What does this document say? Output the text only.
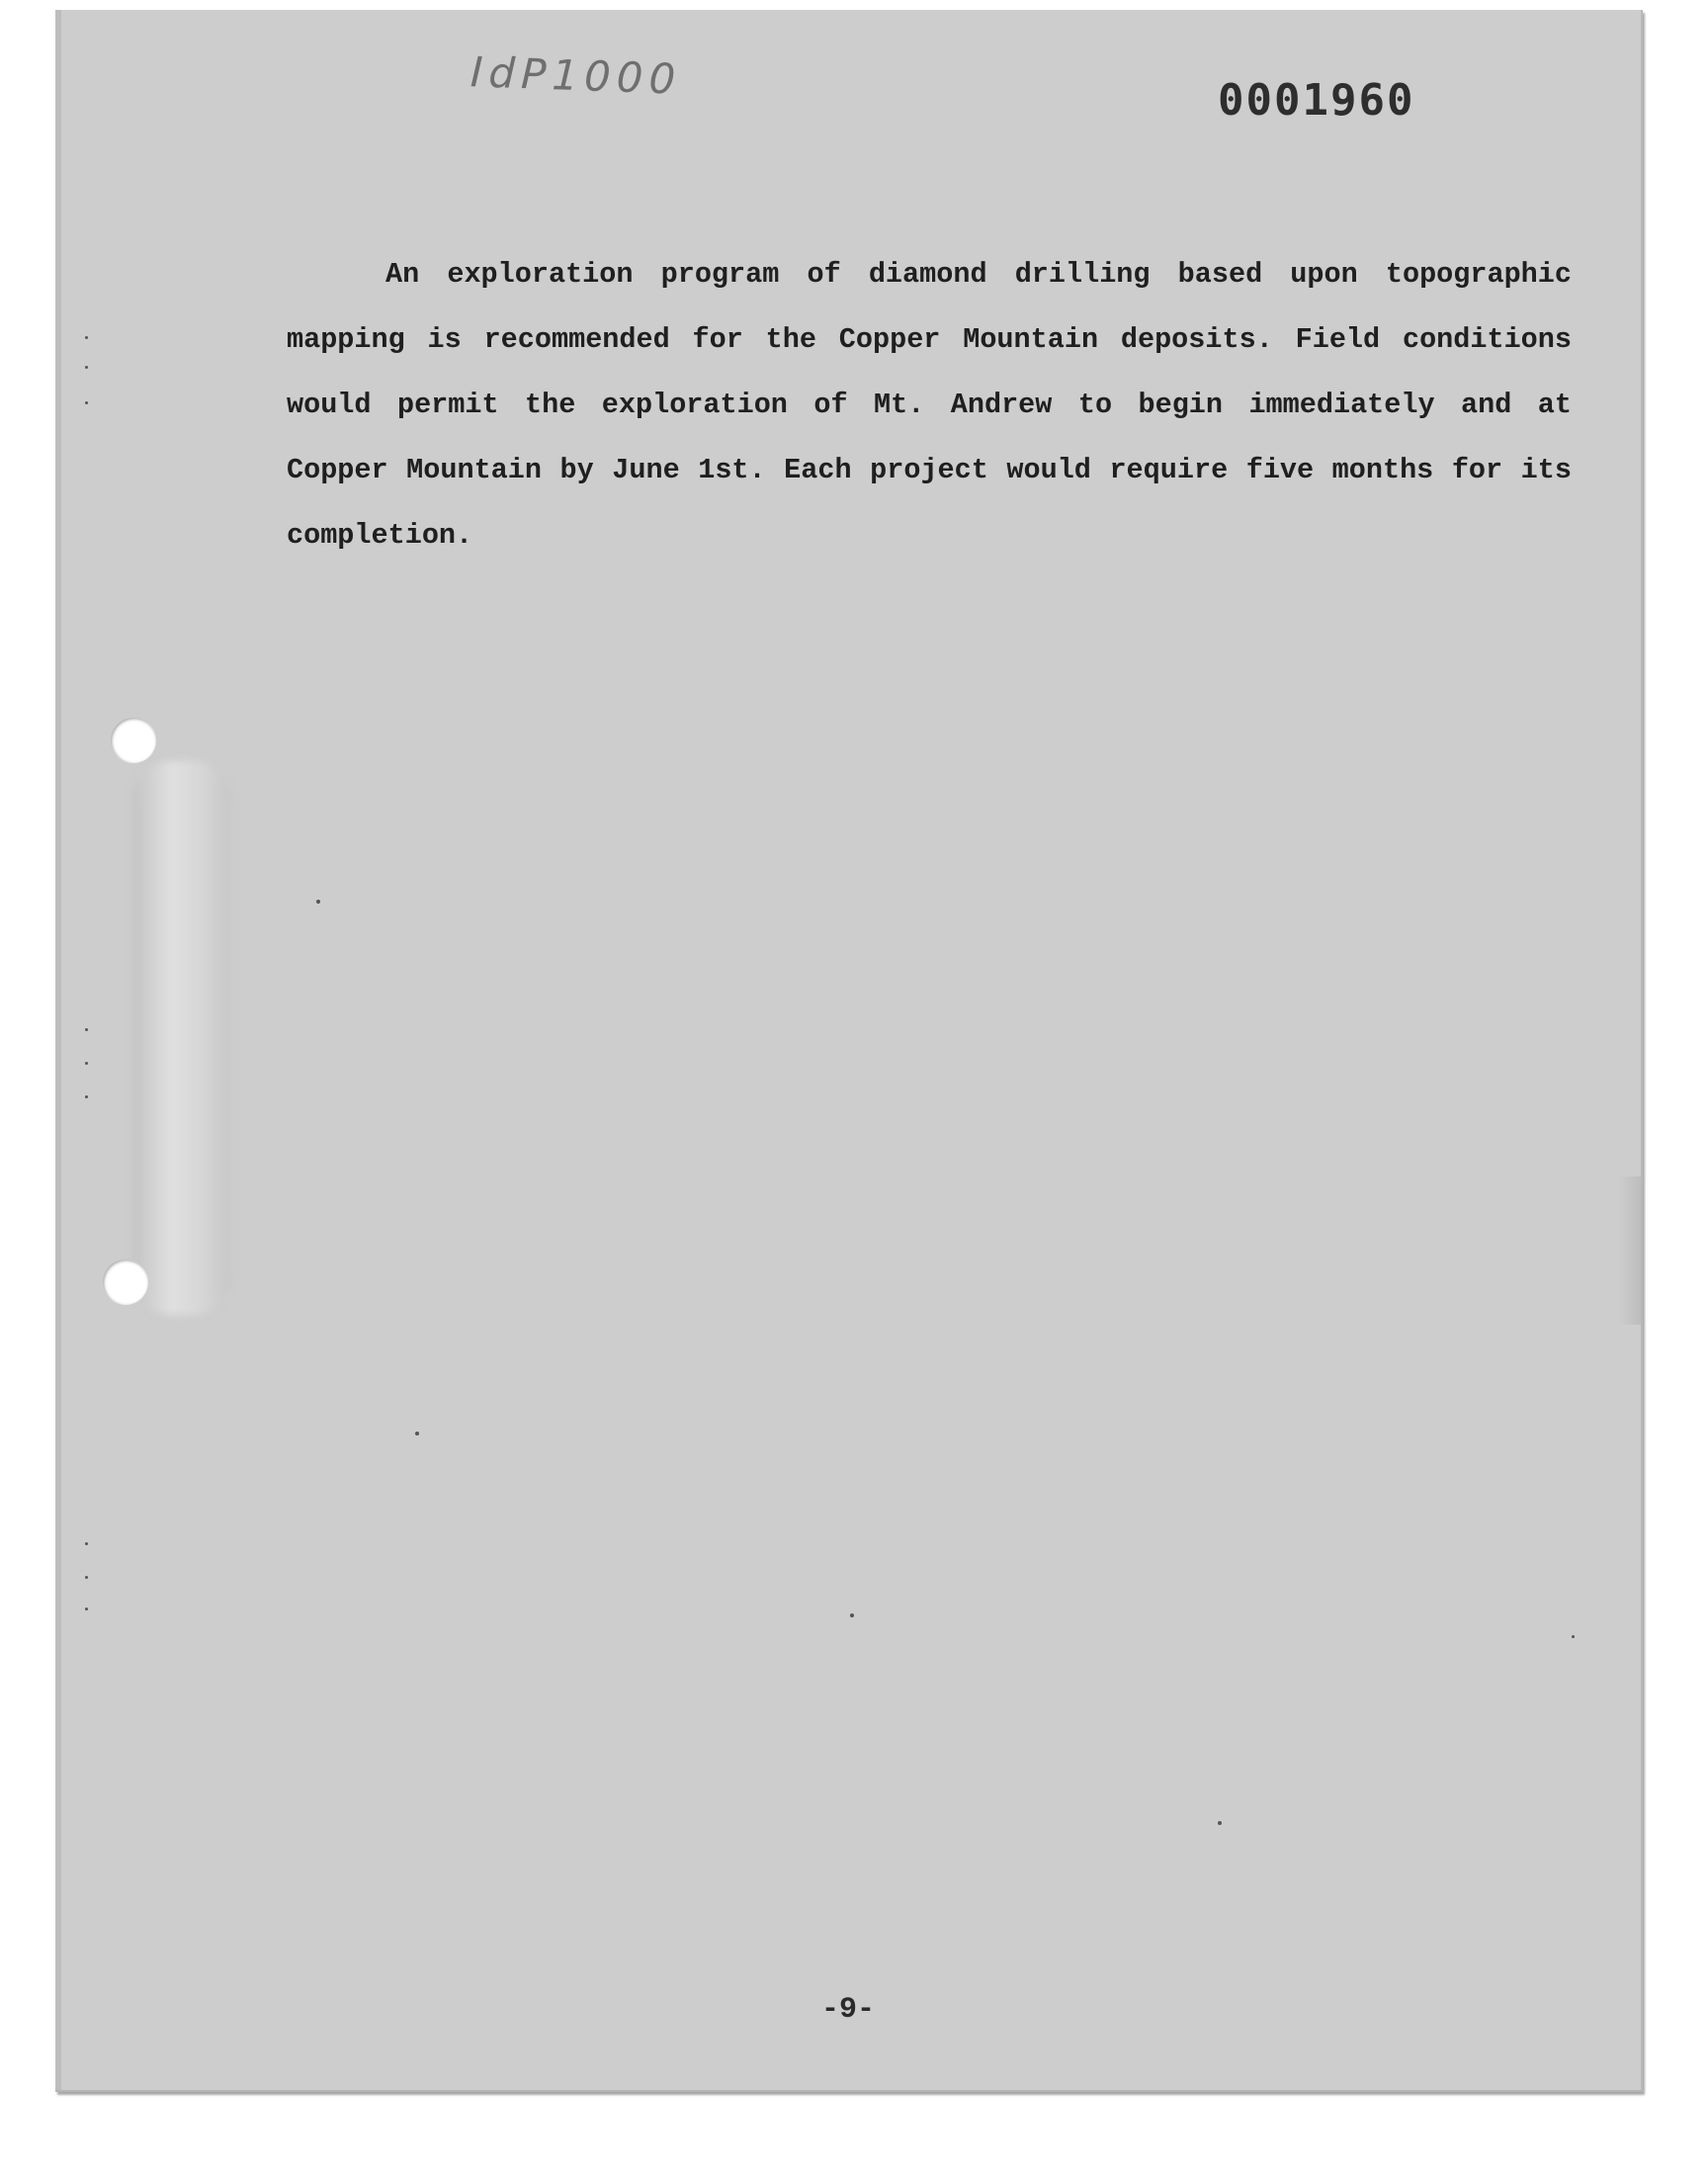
IdP1000	0001960

An exploration program of diamond drilling based upon topographic mapping is recommended for the Copper Mountain deposits. Field conditions would permit the exploration of Mt. Andrew to begin immediately and at Copper Mountain by June 1st. Each project would require five months for its completion.

-9-
